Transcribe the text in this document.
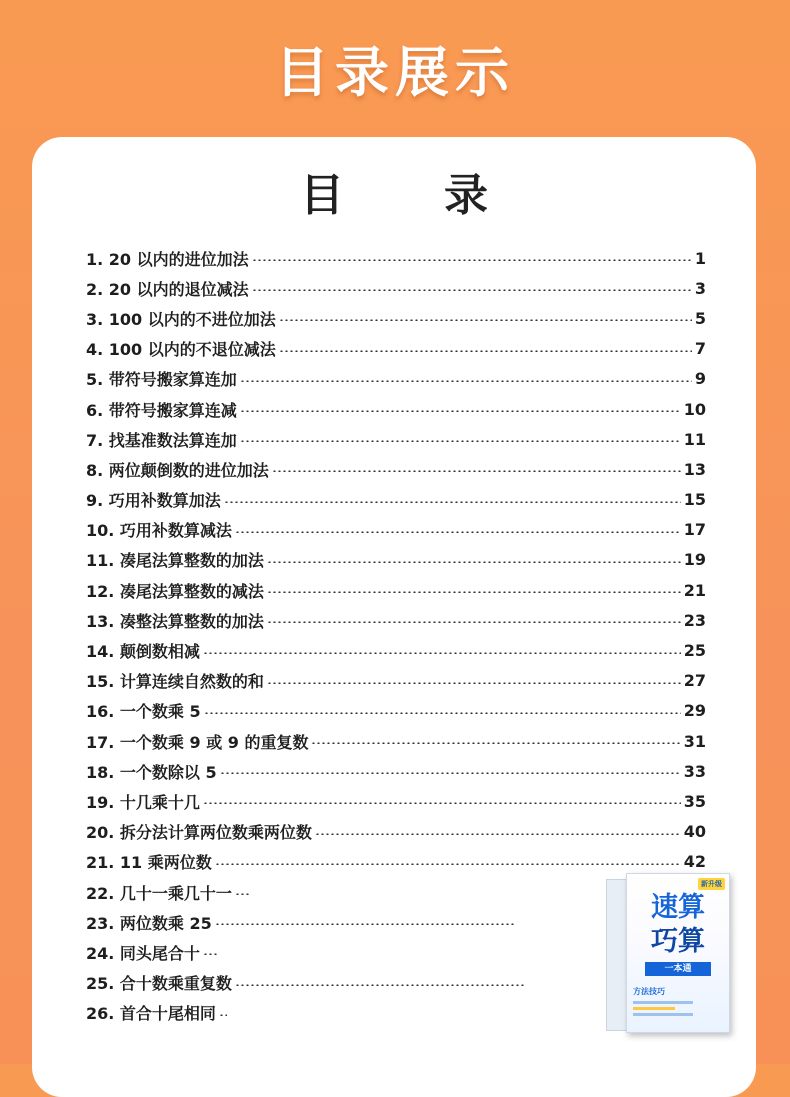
目录展示
目 录
1. 20 以内的进位加法	1
2. 20 以内的退位减法	3
3. 100 以内的不进位加法	5
4. 100 以内的不退位减法	7
5. 带符号搬家算连加	9
6. 带符号搬家算连减	10
7. 找基准数法算连加	11
8. 两位颠倒数的进位加法	13
9. 巧用补数算加法	15
10. 巧用补数算减法	17
11. 凑尾法算整数的加法	19
12. 凑尾法算整数的减法	21
13. 凑整法算整数的加法	23
14. 颠倒数相减	25
15. 计算连续自然数的和	27
16. 一个数乘 5	29
17. 一个数乘 9 或 9 的重复数	31
18. 一个数除以 5	33
19. 十几乘十几	35
20. 拆分法计算两位数乘两位数	40
21. 11 乘两位数	42
22. 几十一乘几十一
23. 两位数乘 25
24. 同头尾合十
25. 合十数乘重复数
26. 首合十尾相同
新升级
速算
巧算
一本通
方法技巧
